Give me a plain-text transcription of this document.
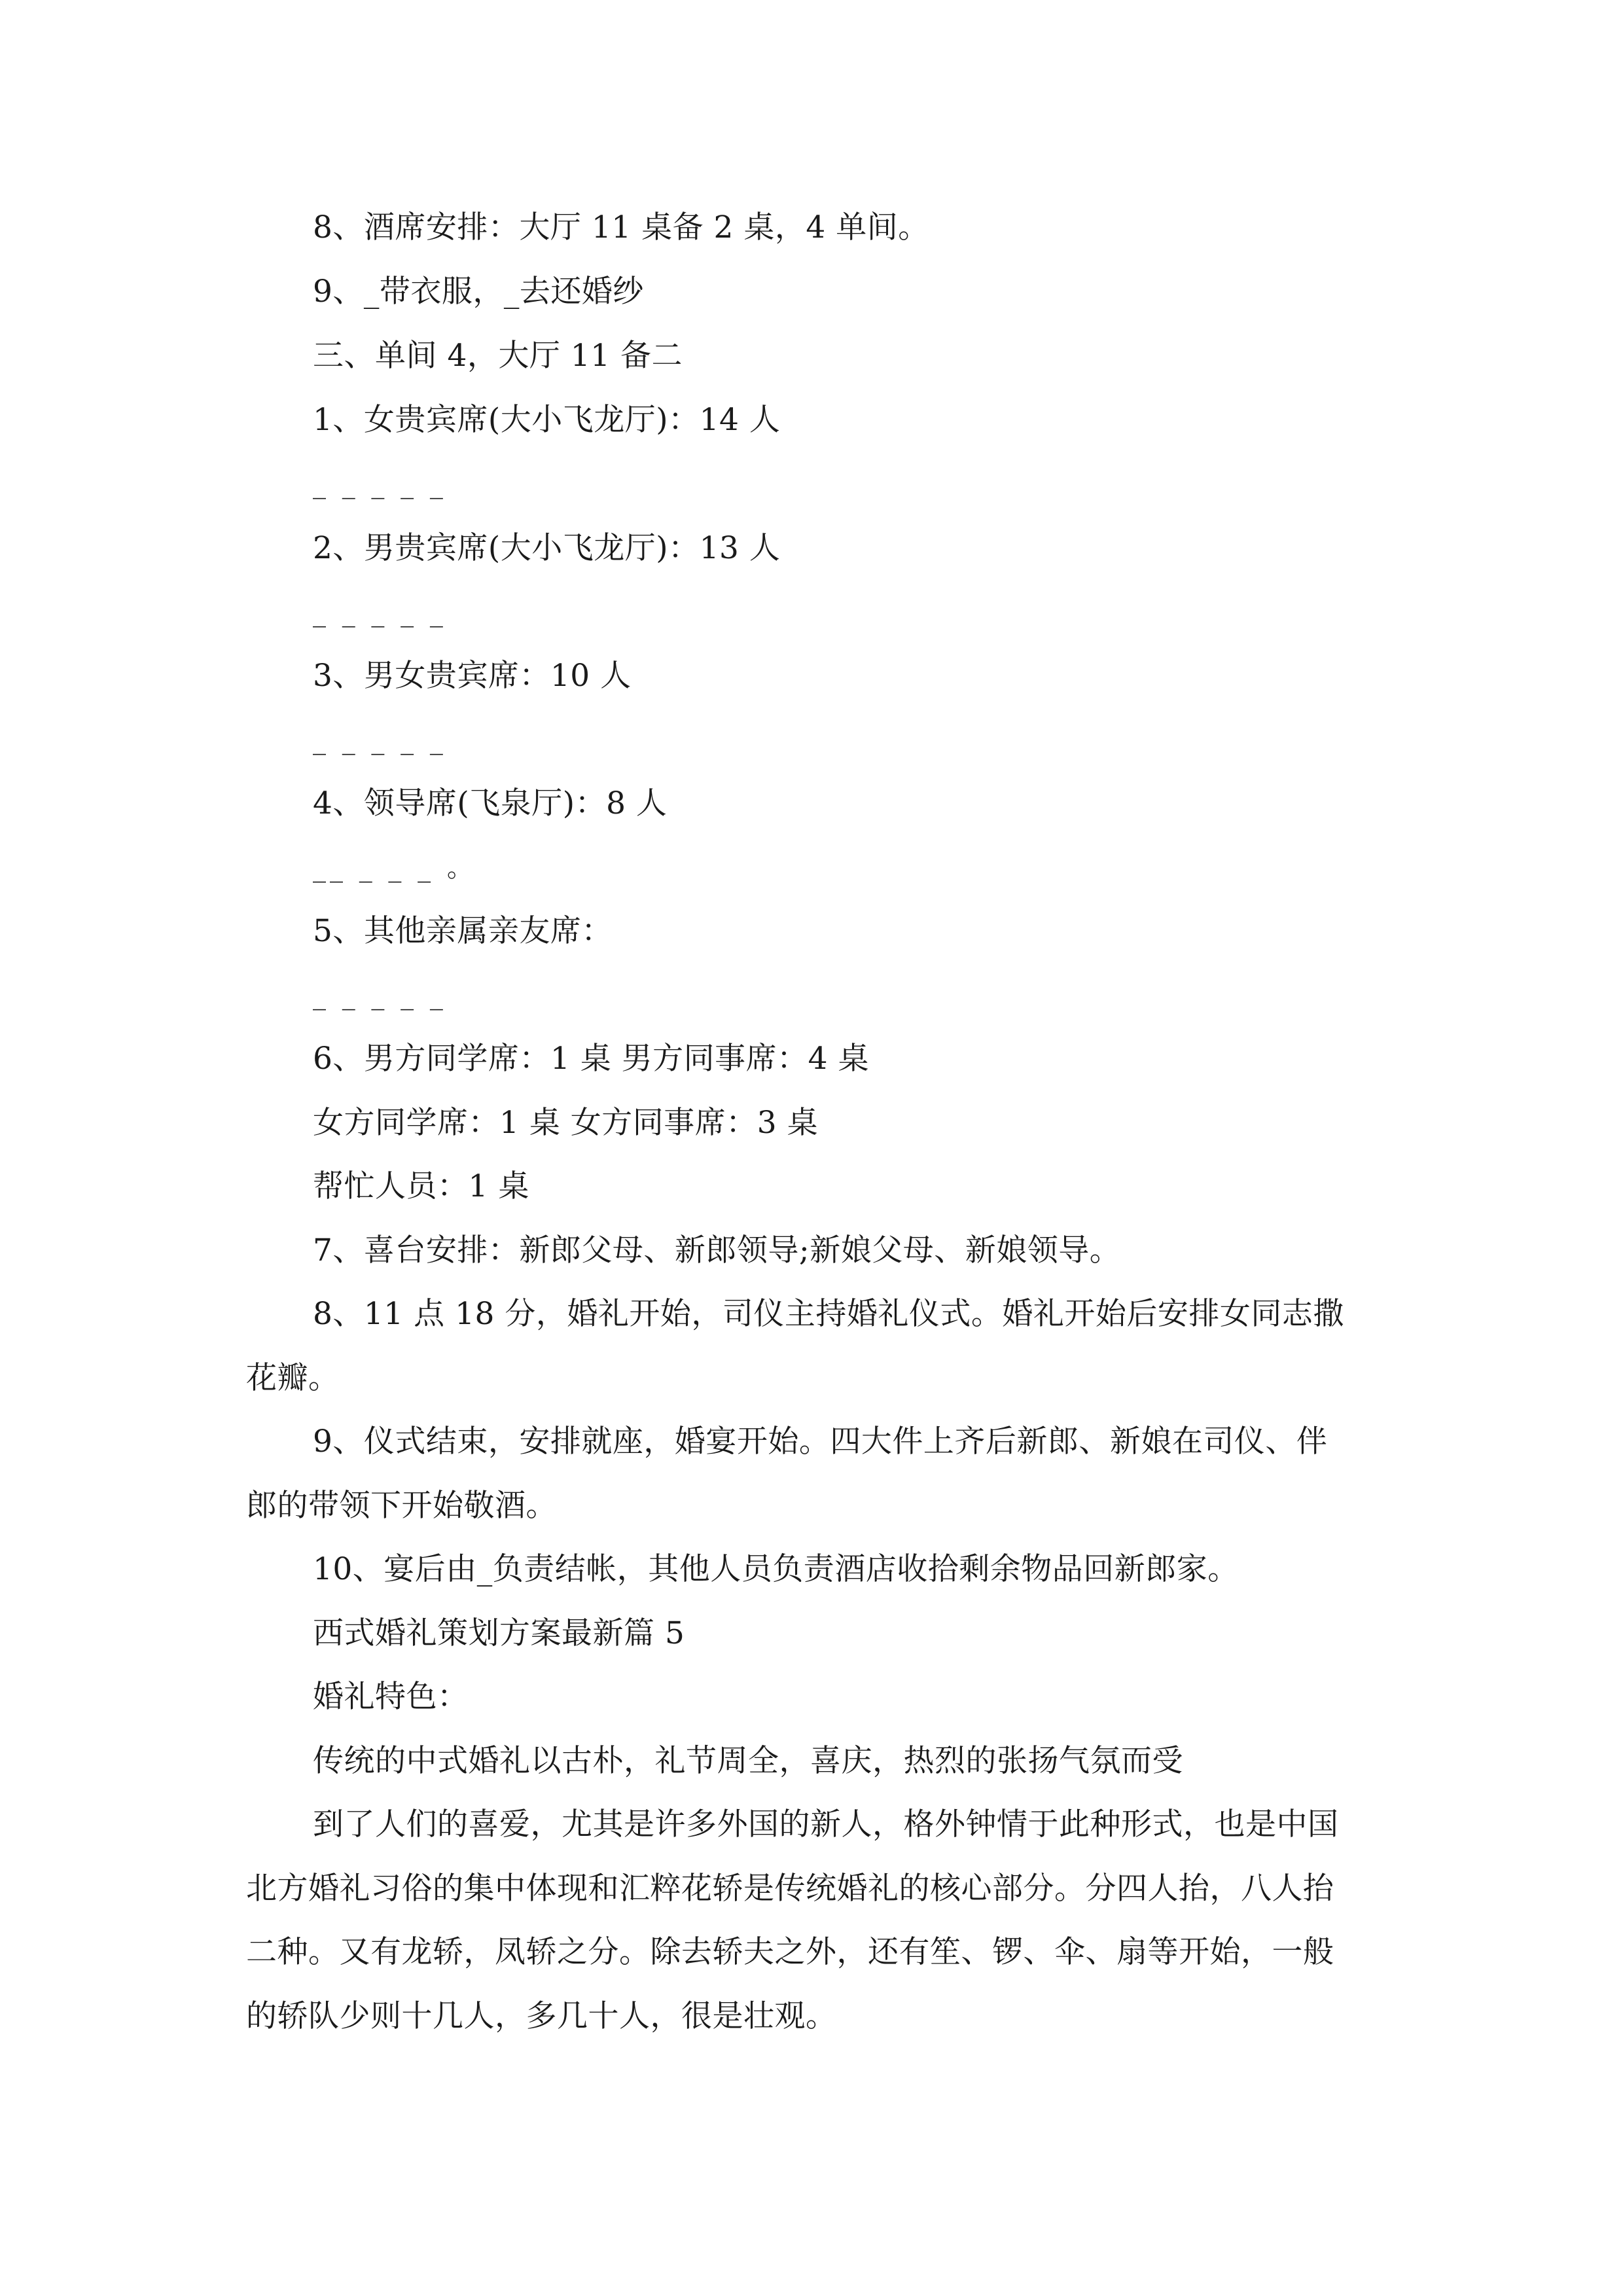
8、酒席安排：大厅 11 桌备 2 桌，4 单间。
9、_带衣服，_去还婚纱
三、单间 4，大厅 11 备二
1、女贵宾席(大小飞龙厅)：14 人
_ _ _ _ _
2、男贵宾席(大小飞龙厅)：13 人
_ _ _ _ _
3、男女贵宾席：10 人
_ _ _ _ _
4、领导席(飞泉厅)：8 人
__ _ _ _ 。
5、其他亲属亲友席：
_ _ _ _ _
6、男方同学席：1 桌 男方同事席：4 桌
女方同学席：1 桌 女方同事席：3 桌
帮忙人员：1 桌
7、喜台安排：新郎父母、新郎领导;新娘父母、新娘领导。
8、11 点 18 分，婚礼开始，司仪主持婚礼仪式。婚礼开始后安排女同志撒
花瓣。
9、仪式结束，安排就座，婚宴开始。四大件上齐后新郎、新娘在司仪、伴
郎的带领下开始敬酒。
10、宴后由_负责结帐，其他人员负责酒店收拾剩余物品回新郎家。
西式婚礼策划方案最新篇 5
婚礼特色：
传统的中式婚礼以古朴，礼节周全，喜庆，热烈的张扬气氛而受
到了人们的喜爱，尤其是许多外国的新人，格外钟情于此种形式，也是中国
北方婚礼习俗的集中体现和汇粹花轿是传统婚礼的核心部分。分四人抬，八人抬
二种。又有龙轿，凤轿之分。除去轿夫之外，还有笙、锣、伞、扇等开始，一般
的轿队少则十几人，多几十人，很是壮观。
